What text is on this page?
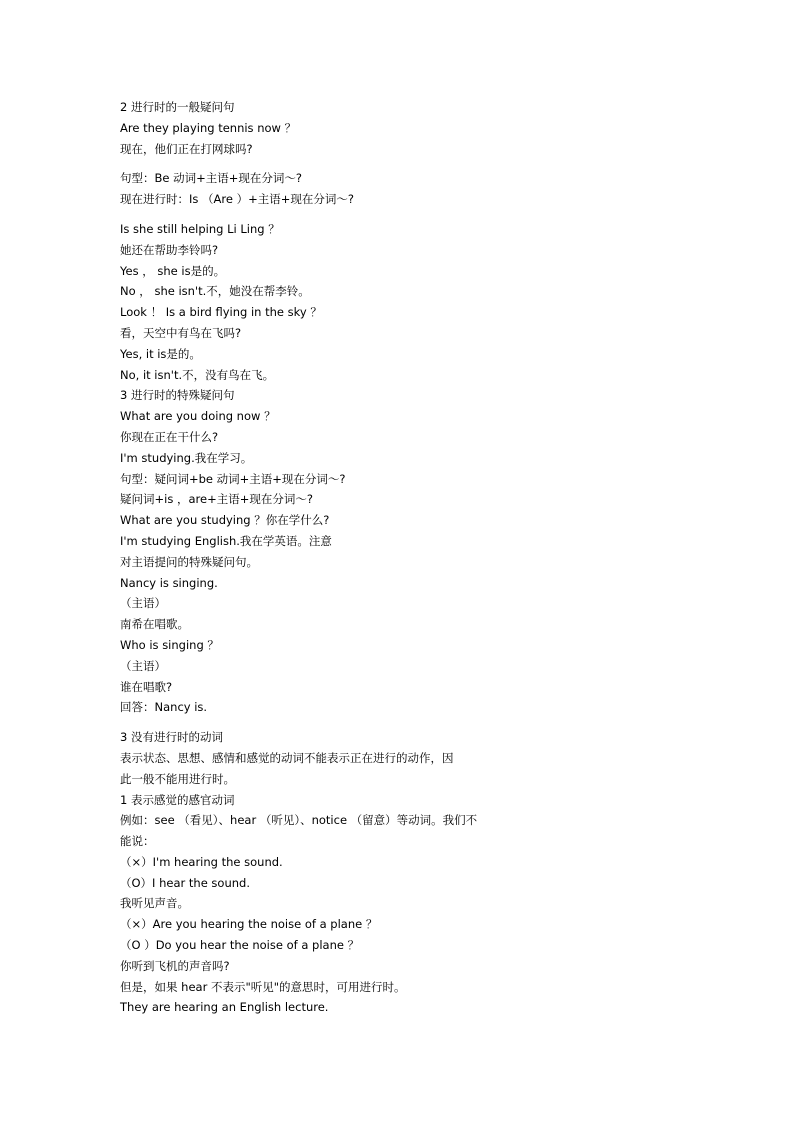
2 进行时的一般疑问句
Are they playing tennis now ？
现在，他们正在打网球吗?
句型：Be 动词+主语+现在分词～?
现在进行时：Is （Are ）+主语+现在分词～?
Is she still helping Li Ling ？
她还在帮助李铃吗?
Yes ， she is是的。
No ， she isn't.不，她没在帮李铃。
Look ！ Is a bird flying in the sky ？
看，天空中有鸟在飞吗?
Yes, it is是的。
No, it isn't.不，没有鸟在飞。
3 进行时的特殊疑问句
What are you doing now ？
你现在正在干什么?
I'm studying.我在学习。
句型：疑问词+be 动词+主语+现在分词～?
疑问词+is ，are+主语+现在分词～?
What are you studying ？你在学什么?
I'm studying English.我在学英语。注意
对主语提问的特殊疑问句。
Nancy is singing.
（主语）
南希在唱歌。
Who is singing ？
（主语）
谁在唱歌?
回答：Nancy is.
3 没有进行时的动词
表示状态、思想、感情和感觉的动词不能表示正在进行的动作，因
此一般不能用进行时。
1 表示感觉的感官动词
例如：see （看见）、hear （听见）、notice （留意）等动词。我们不
能说：
（×）I'm hearing the sound.
（O）I hear the sound.
我听见声音。
（×）Are you hearing the noise of a plane ？
（O ）Do you hear the noise of a plane ？
你听到飞机的声音吗?
但是，如果 hear 不表示"听见"的意思时，可用进行时。
They are hearing an English lecture.
